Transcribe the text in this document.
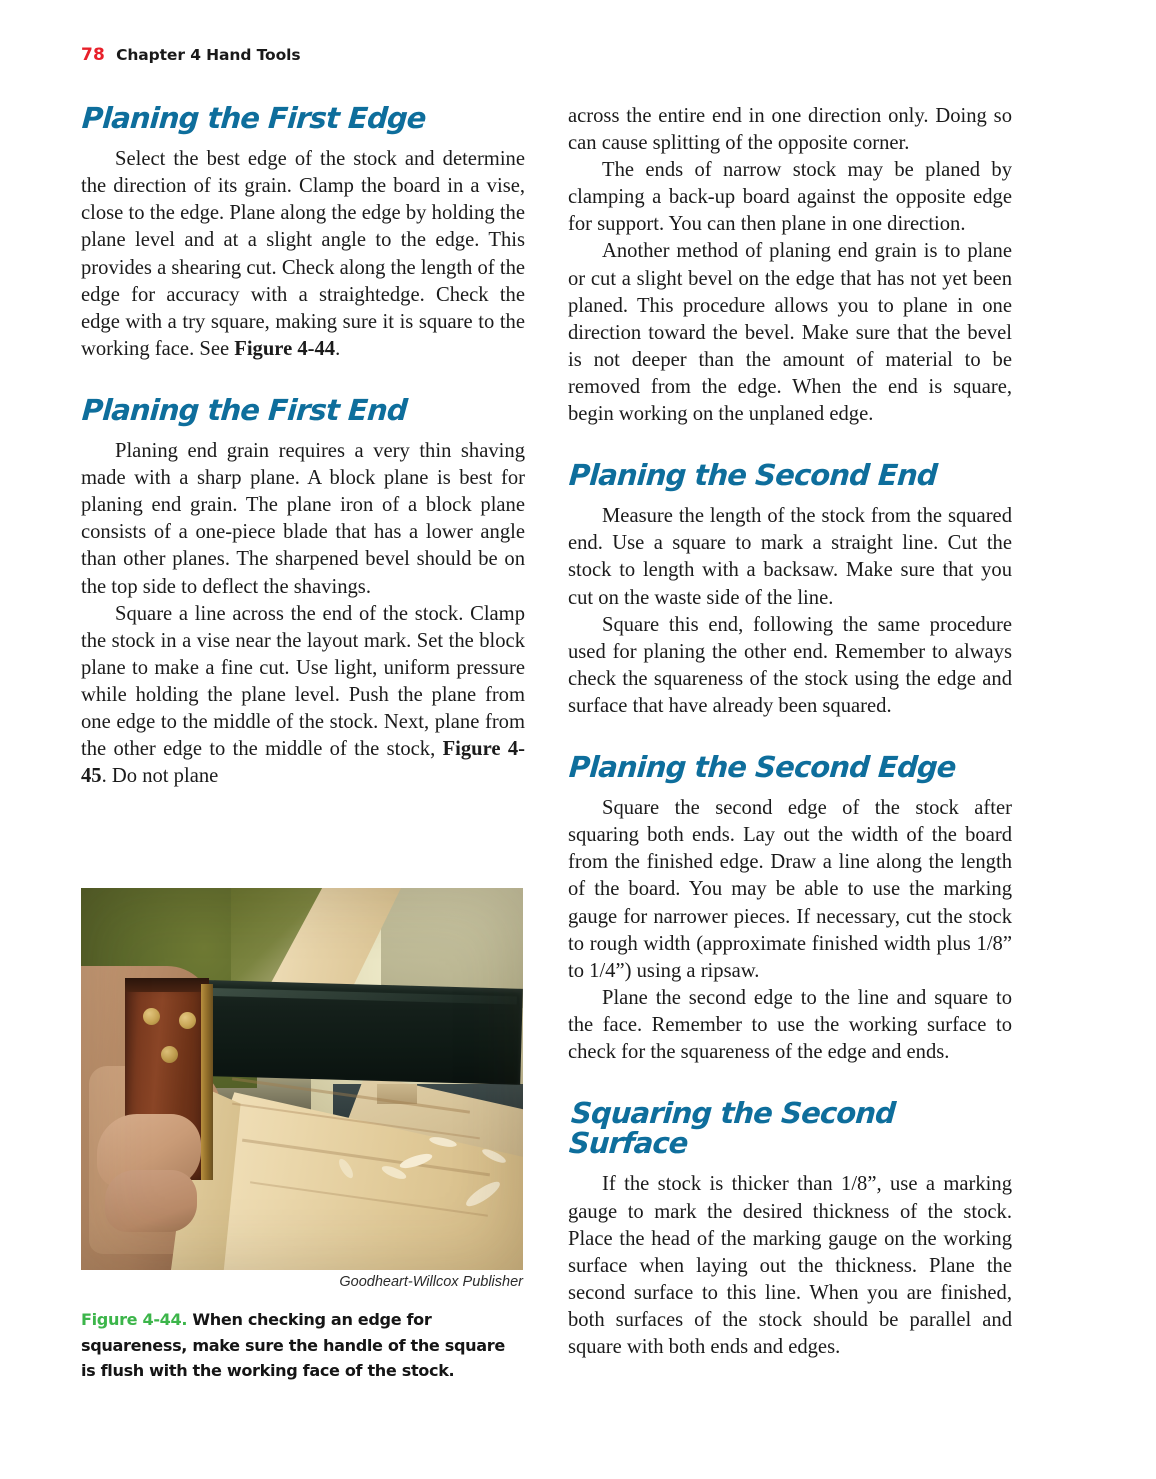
78 Chapter 4 Hand Tools
Planing the First Edge

Select the best edge of the stock and determine the direction of its grain. Clamp the board in a vise, close to the edge. Plane along the edge by holding the plane level and at a slight angle to the edge. This provides a shearing cut. Check along the length of the edge for accuracy with a straightedge. Check the edge with a try square, making sure it is square to the working face. See Figure 4-44.

Planing the First End

Planing end grain requires a very thin shaving made with a sharp plane. A block plane is best for planing end grain. The plane iron of a block plane consists of a one-piece blade that has a lower angle than other planes. The sharpened bevel should be on the top side to deflect the shavings.

Square a line across the end of the stock. Clamp the stock in a vise near the layout mark. Set the block plane to make a fine cut. Use light, uniform pressure while holding the plane level. Push the plane from one edge to the middle of the stock. Next, plane from the other edge to the middle of the stock, Figure 4-45. Do not plane

across the entire end in one direction only. Doing so can cause splitting of the opposite corner.

The ends of narrow stock may be planed by clamping a back-up board against the opposite edge for support. You can then plane in one direction.

Another method of planing end grain is to plane or cut a slight bevel on the edge that has not yet been planed. This procedure allows you to plane in one direction toward the bevel. Make sure that the bevel is not deeper than the amount of material to be removed from the edge. When the end is square, begin working on the unplaned edge.

Planing the Second End

Measure the length of the stock from the squared end. Use a square to mark a straight line. Cut the stock to length with a backsaw. Make sure that you cut on the waste side of the line.

Square this end, following the same procedure used for planing the other end. Remember to always check the squareness of the stock using the edge and surface that have already been squared.

Planing the Second Edge

Square the second edge of the stock after squaring both ends. Lay out the width of the board from the finished edge. Draw a line along the length of the board. You may be able to use the marking gauge for narrower pieces. If necessary, cut the stock to rough width (approximate finished width plus 1/8” to 1/4”) using a ripsaw.

Plane the second edge to the line and square to the face. Remember to use the working surface to check for the squareness of the edge and ends.

Squaring the Second Surface

If the stock is thicker than 1/8”, use a marking gauge to mark the desired thickness of the stock. Place the head of the marking gauge on the working surface when laying out the thickness. Plane the second surface to this line. When you are finished, both surfaces of the stock should be parallel and square with both ends and edges.

Goodheart-Willcox Publisher
Figure 4-44. When checking an edge for squareness, make sure the handle of the square is flush with the working face of the stock.
